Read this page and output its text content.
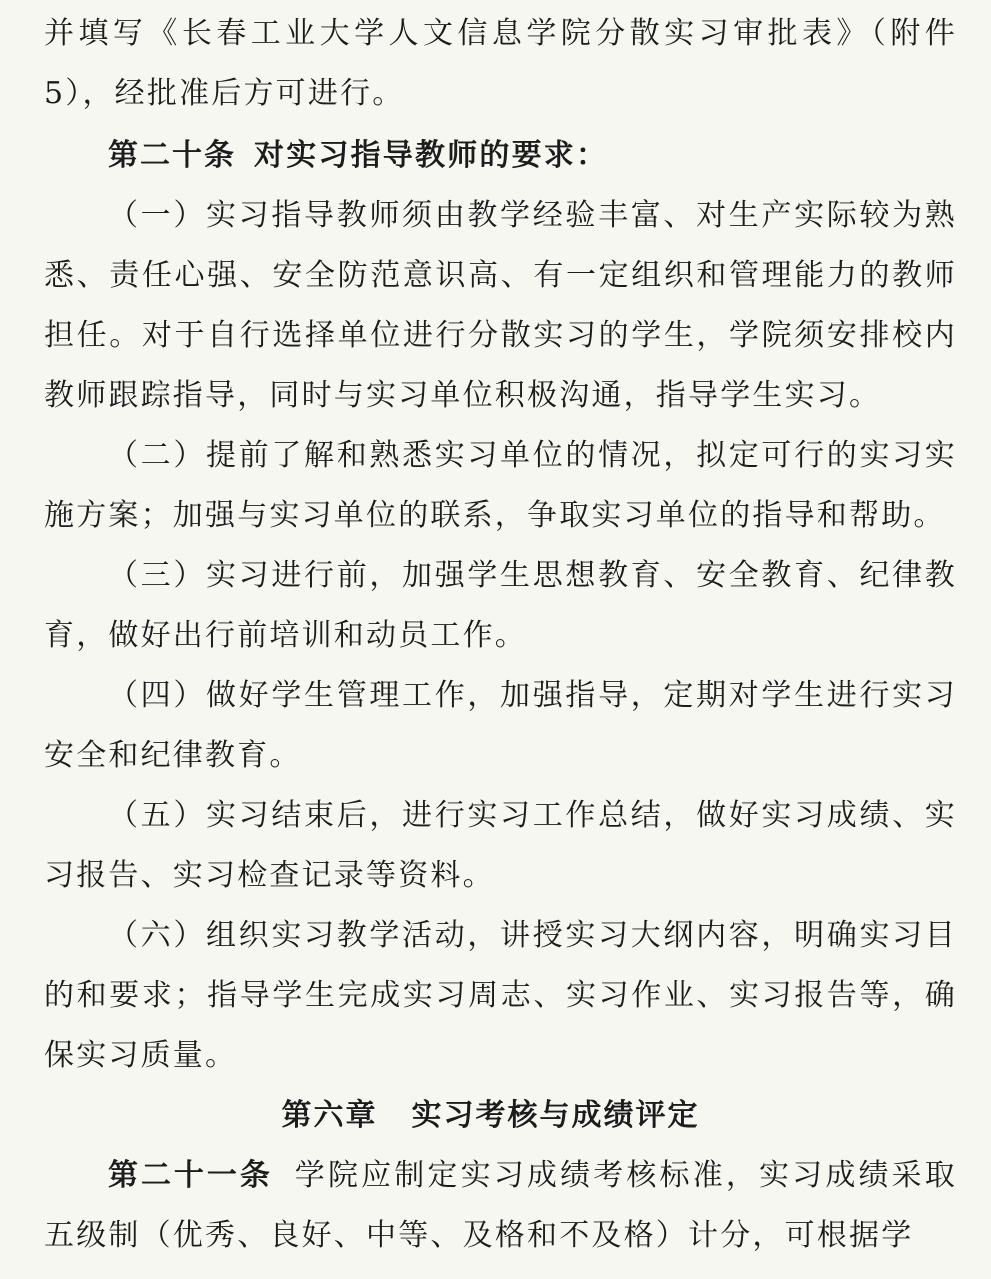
并填写《长春工业大学人文信息学院分散实习审批表》（附件5），经批准后方可进行。

第二十条 对实习指导教师的要求：

（一）实习指导教师须由教学经验丰富、对生产实际较为熟悉、责任心强、安全防范意识高、有一定组织和管理能力的教师担任。对于自行选择单位进行分散实习的学生，学院须安排校内教师跟踪指导，同时与实习单位积极沟通，指导学生实习。

（二）提前了解和熟悉实习单位的情况，拟定可行的实习实施方案；加强与实习单位的联系，争取实习单位的指导和帮助。

（三）实习进行前，加强学生思想教育、安全教育、纪律教育，做好出行前培训和动员工作。

（四）做好学生管理工作，加强指导，定期对学生进行实习安全和纪律教育。

（五）实习结束后，进行实习工作总结，做好实习成绩、实习报告、实习检查记录等资料。

（六）组织实习教学活动，讲授实习大纲内容，明确实习目的和要求；指导学生完成实习周志、实习作业、实习报告等，确保实习质量。

第六章 实习考核与成绩评定

第二十一条 学院应制定实习成绩考核标准，实习成绩采取五级制（优秀、良好、中等、及格和不及格）计分，可根据学
